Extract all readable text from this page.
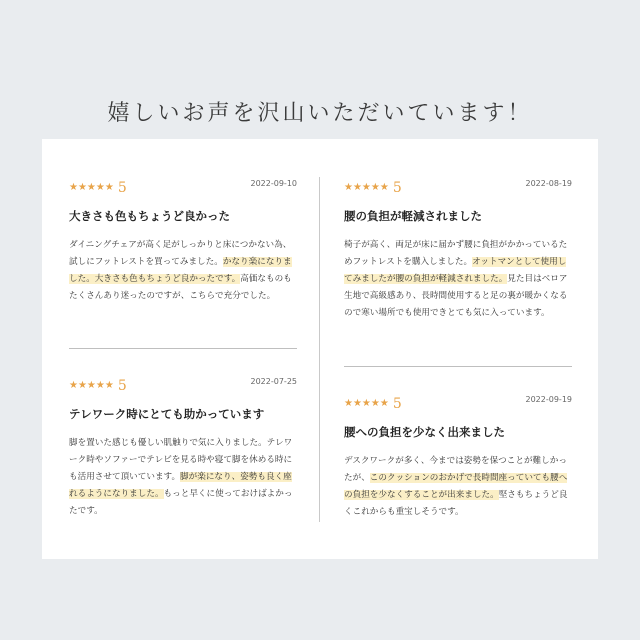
嬉しいお声を沢山いただいています！
★★★★★ 5	2022-09-10
大きさも色もちょうど良かった
ダイニングチェアが高く足がしっかりと床につかない為、試しにフットレストを買ってみました。かなり楽になりました。大きさも色もちょうど良かったです。高価なものもたくさんあり迷ったのですが、こちらで充分でした。
★★★★★ 5	2022-07-25
テレワーク時にとても助かっています
脚を置いた感じも優しい肌触りで気に入りました。テレワーク時やソファーでテレビを見る時や寝て脚を休める時にも活用させて頂いています。脚が楽になり、姿勢も良く座れるようになりました。もっと早くに使っておけばよかったです。
★★★★★ 5	2022-08-19
腰の負担が軽減されました
椅子が高く、両足が床に届かず腰に負担がかかっているためフットレストを購入しました。オットマンとして使用してみましたが腰の負担が軽減されました。見た目はベロア生地で高級感あり、長時間使用すると足の裏が暖かくなるので寒い場所でも使用できとても気に入っています。
★★★★★ 5	2022-09-19
腰への負担を少なく出来ました
デスクワークが多く、今までは姿勢を保つことが難しかったが、このクッションのおかげで長時間座っていても腰への負担を少なくすることが出来ました。堅さもちょうど良くこれからも重宝しそうです。
